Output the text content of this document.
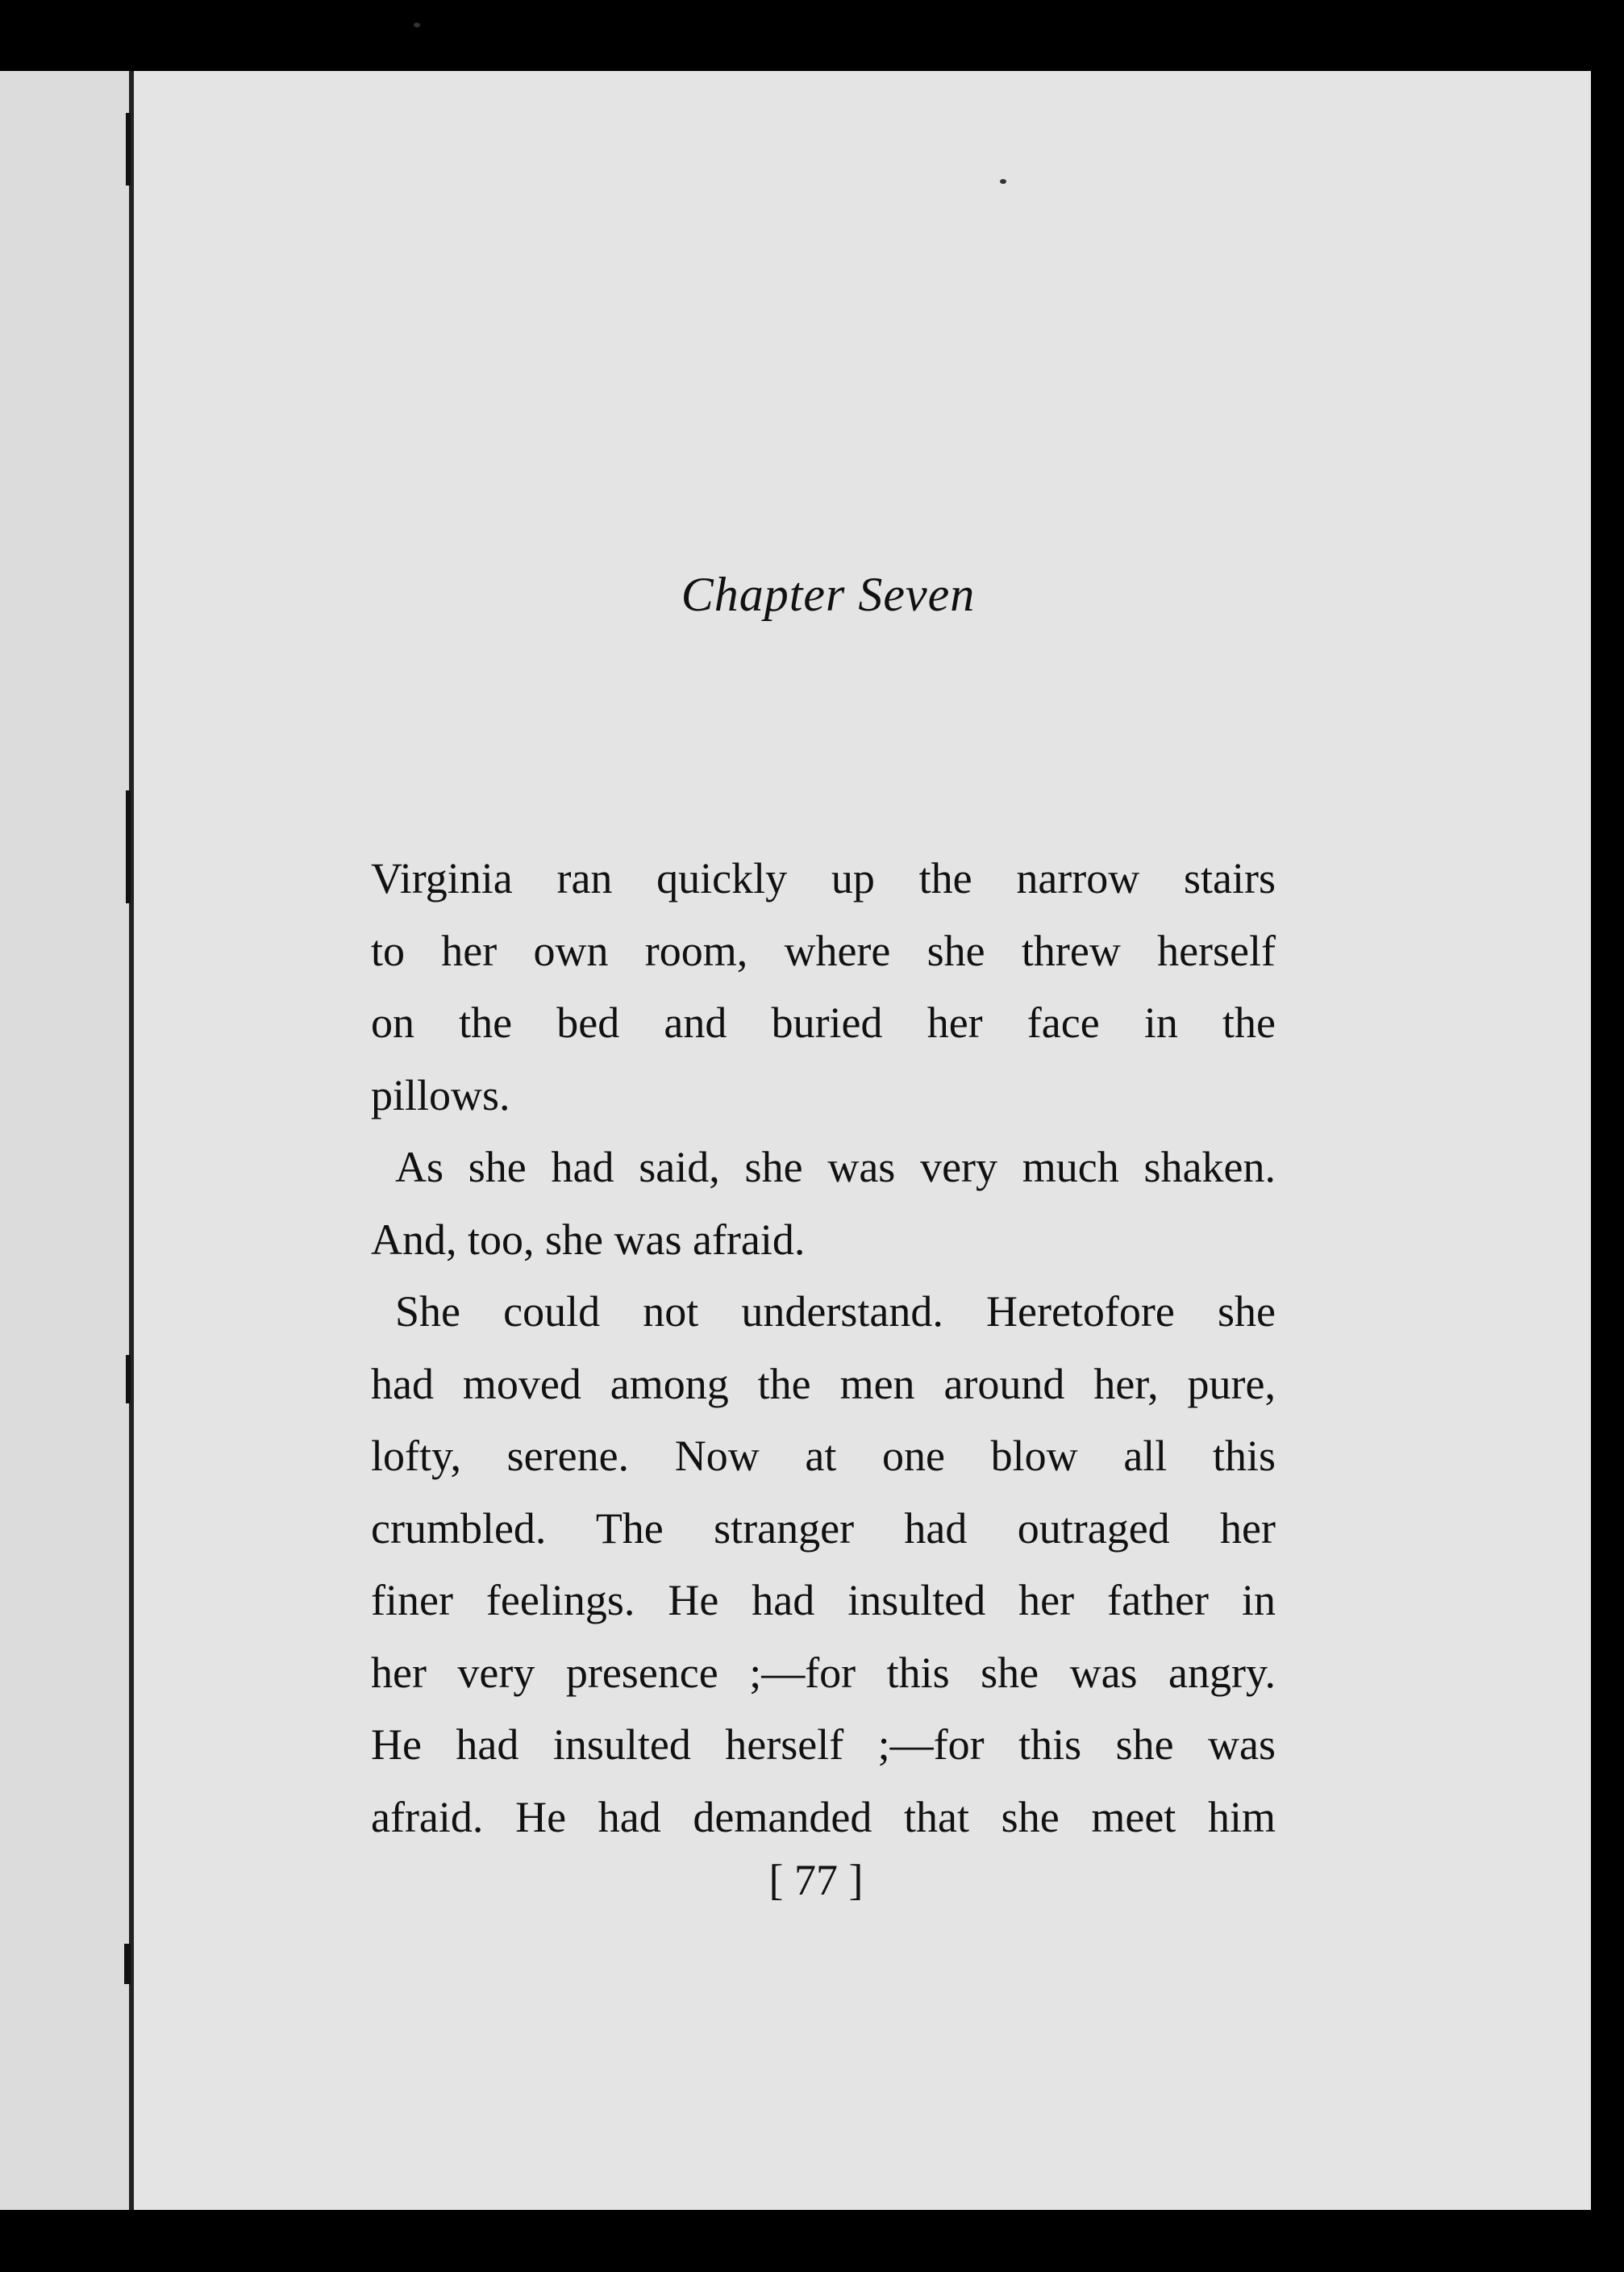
Chapter Seven
Virginia ran quickly up the narrow stairs
to her own room, where she threw herself
on the bed and buried her face in the
pillows.
As she had said, she was very much shaken.
And, too, she was afraid.
She could not understand. Heretofore she
had moved among the men around her, pure,
lofty, serene. Now at one blow all this
crumbled. The stranger had outraged her
finer feelings. He had insulted her father in
her very presence ;—for this she was angry.
He had insulted herself ;—for this she was
afraid. He had demanded that she meet him
[ 77 ]
